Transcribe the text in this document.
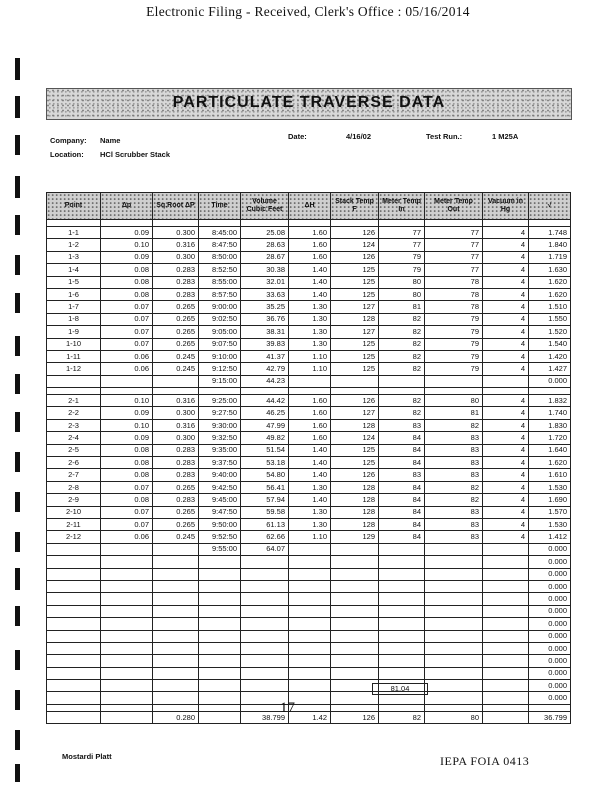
Electronic Filing - Received, Clerk's Office : 05/16/2014
PARTICULATE TRAVERSE DATA
Company: Name	Date:	4/16/02	Test Run.:	1 M25A
Location: HCl Scrubber Stack
Point	Δp	Sq.Root ΔP	Time	Volume Cubic Feet	ΔH	Stack Temp F	Meter Temp In	Meter Temp Out	Vacuum in Hg	√

1-1	0.09	0.300	8:45:00	25.08	1.60	126	77	77	4	1.748
1-2	0.10	0.316	8:47:50	28.63	1.60	124	77	77	4	1.840
1-3	0.09	0.300	8:50:00	28.67	1.60	126	79	77	4	1.719
1-4	0.08	0.283	8:52:50	30.38	1.40	125	79	77	4	1.630
1-5	0.08	0.283	8:55:00	32.01	1.40	125	80	78	4	1.620
1-6	0.08	0.283	8:57:50	33.63	1.40	125	80	78	4	1.620
1-7	0.07	0.265	9:00:00	35.25	1.30	127	81	78	4	1.510
1-8	0.07	0.265	9:02:50	36.76	1.30	128	82	79	4	1.550
1-9	0.07	0.265	9:05:00	38.31	1.30	127	82	79	4	1.520
1-10	0.07	0.265	9:07:50	39.83	1.30	125	82	79	4	1.540
1-11	0.06	0.245	9:10:00	41.37	1.10	125	82	79	4	1.420
1-12	0.06	0.245	9:12:50	42.79	1.10	125	82	79	4	1.427
			9:15:00	44.23						0.000

2-1	0.10	0.316	9:25:00	44.42	1.60	126	82	80	4	1.832
2-2	0.09	0.300	9:27:50	46.25	1.60	127	82	81	4	1.740
2-3	0.10	0.316	9:30:00	47.99	1.60	128	83	82	4	1.830
2-4	0.09	0.300	9:32:50	49.82	1.60	124	84	83	4	1.720
2-5	0.08	0.283	9:35:00	51.54	1.40	125	84	83	4	1.640
2-6	0.08	0.283	9:37:50	53.18	1.40	125	84	83	4	1.620
2-7	0.08	0.283	9:40:00	54.80	1.40	126	83	83	4	1.610
2-8	0.07	0.265	9:42:50	56.41	1.30	128	84	82	4	1.530
2-9	0.08	0.283	9:45:00	57.94	1.40	128	84	82	4	1.690
2-10	0.07	0.265	9:47:50	59.58	1.30	128	84	83	4	1.570
2-11	0.07	0.265	9:50:00	61.13	1.30	128	84	83	4	1.530
2-12	0.06	0.245	9:52:50	62.66	1.10	129	84	83	4	1.412
			9:55:00	64.07						0.000
										0.000
										0.000
										0.000
										0.000
										0.000
										0.000
										0.000
										0.000
										0.000
										0.000
										0.000
										0.000

		0.280		38.799	1.42	126	82	80		36.799
81.04
17
Mostardi Platt	IEPA FOIA 0413
